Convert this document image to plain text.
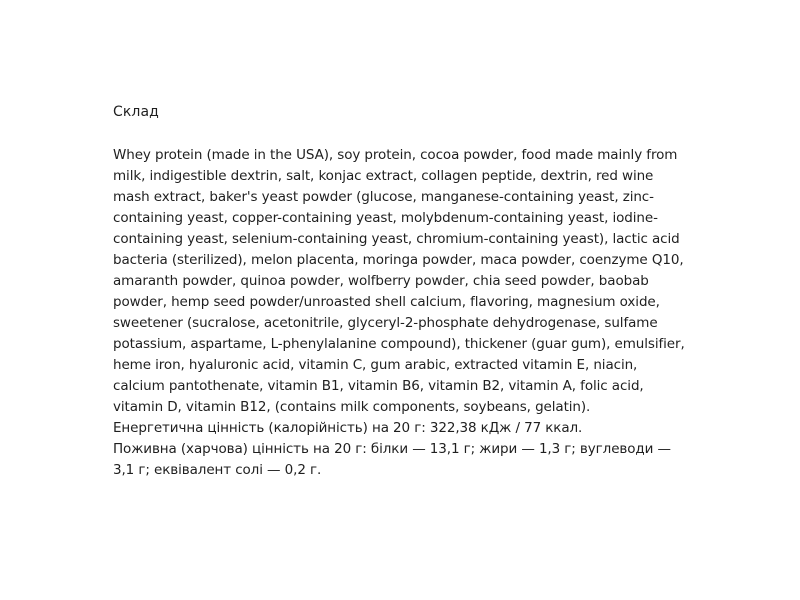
Склад

Whey protein (made in the USA), soy protein, cocoa powder, food made mainly from milk, indigestible dextrin, salt, konjac extract, collagen peptide, dextrin, red wine mash extract, baker's yeast powder (glucose, manganese-containing yeast, zinc-containing yeast, copper-containing yeast, molybdenum-containing yeast, iodine-containing yeast, selenium-containing yeast, chromium-containing yeast), lactic acid bacteria (sterilized), melon placenta, moringa powder, maca powder, coenzyme Q10, amaranth powder, quinoa powder, wolfberry powder, chia seed powder, baobab powder, hemp seed powder/unroasted shell calcium, flavoring, magnesium oxide, sweetener (sucralose, acetonitrile, glyceryl-2-phosphate dehydrogenase, sulfame potassium, aspartame, L-phenylalanine compound), thickener (guar gum), emulsifier, heme iron, hyaluronic acid, vitamin C, gum arabic, extracted vitamin E, niacin, calcium pantothenate, vitamin B1, vitamin B6, vitamin B2, vitamin A, folic acid, vitamin D, vitamin B12, (contains milk components, soybeans, gelatin).

Енергетична цінність (калорійність) на 20 г: 322,38 кДж / 77 ккал.

Поживна (харчова) цінність на 20 г: білки — 13,1 г; жири — 1,3 г; вуглеводи — 3,1 г; еквівалент солі — 0,2 г.
